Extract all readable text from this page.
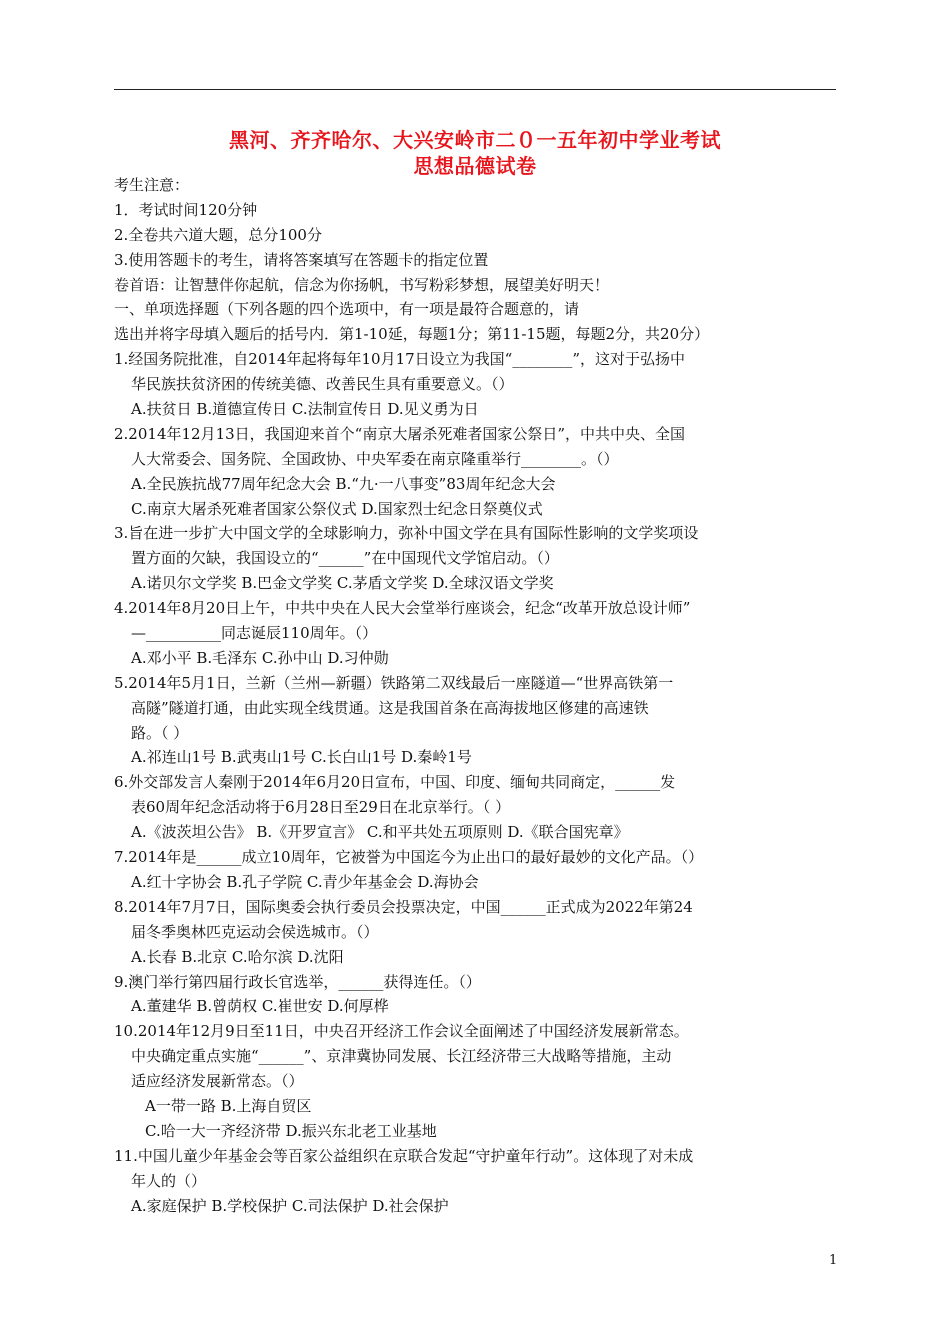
黑河、齐齐哈尔、大兴安岭市二０一五年初中学业考试
思想品德试卷
考生注意：
1．考试时间120分钟
2.全卷共六道大题，总分100分
3.使用答题卡的考生，请将答案填写在答题卡的指定位置
卷首语：让智慧伴你起航，信念为你扬帆，书写粉彩梦想，展望美好明天！
一、单项选择题（下列各题的四个选项中，有一项是最符合题意的，请
选出并将字母填入题后的括号内．第1-10延，每题1分；第11-15题，每题2分，共20分）
1.经国务院批准，自2014年起将每年10月17日设立为我国“________”，这对于弘扬中
华民族扶贫济困的传统美德、改善民生具有重要意义。（）
A.扶贫日 B.道德宣传日 C.法制宣传日 D.见义勇为日
2.2014年12月13日，我国迎来首个“南京大屠杀死难者国家公祭日”，中共中央、全国
人大常委会、国务院、全国政协、中央军委在南京隆重举行________。（）
A.全民族抗战77周年纪念大会 B.“九·一八事变”83周年纪念大会
C.南京大屠杀死难者国家公祭仪式 D.国家烈士纪念日祭奠仪式
3.旨在进一步扩大中国文学的全球影响力，弥补中国文学在具有国际性影响的文学奖项设
置方面的欠缺，我国设立的“______”在中国现代文学馆启动。（）
A.诺贝尔文学奖 B.巴金文学奖 C.茅盾文学奖 D.全球汉语文学奖
4.2014年8月20日上午，中共中央在人民大会堂举行座谈会，纪念“改革开放总设计师”
—__________同志诞辰110周年。（）
A.邓小平 B.毛泽东 C.孙中山 D.习仲勋
5.2014年5月1日，兰新（兰州—新疆）铁路第二双线最后一座隧道—“世界高铁第一
高隧”隧道打通，由此实现全线贯通。这是我国首条在高海拔地区修建的高速铁
路。（ ）
A.祁连山1号 B.武夷山1号 C.长白山1号 D.秦岭1号
6.外交部发言人秦刚于2014年6月20日宣布，中国、印度、缅甸共同商定，______发
表60周年纪念活动将于6月28日至29日在北京举行。（ ）
A.《波茨坦公告》 B.《开罗宣言》 C.和平共处五项原则 D.《联合国宪章》
7.2014年是______成立10周年，它被誉为中国迄今为止出口的最好最妙的文化产品。（）
A.红十字协会 B.孔子学院 C.青少年基金会 D.海协会
8.2014年7月7日，国际奥委会执行委员会投票决定，中国______正式成为2022年第24
届冬季奥林匹克运动会侯选城市。（）
A.长春 B.北京 C.哈尔滨 D.沈阳
9.澳门举行第四届行政长官选举，______获得连任。（）
A.董建华 B.曾荫权 C.崔世安 D.何厚桦
10.2014年12月9日至11日，中央召开经济工作会议全面阐述了中国经济发展新常态。
中央确定重点实施“______”、京津冀协同发展、长江经济带三大战略等措施，主动
适应经济发展新常态。（）
A一带一路 B.上海自贸区
C.哈一大一齐经济带 D.振兴东北老工业基地
11.中国儿童少年基金会等百家公益组织在京联合发起“守护童年行动”。这体现了对未成
年人的（）
A.家庭保护 B.学校保护 C.司法保护 D.社会保护
1
